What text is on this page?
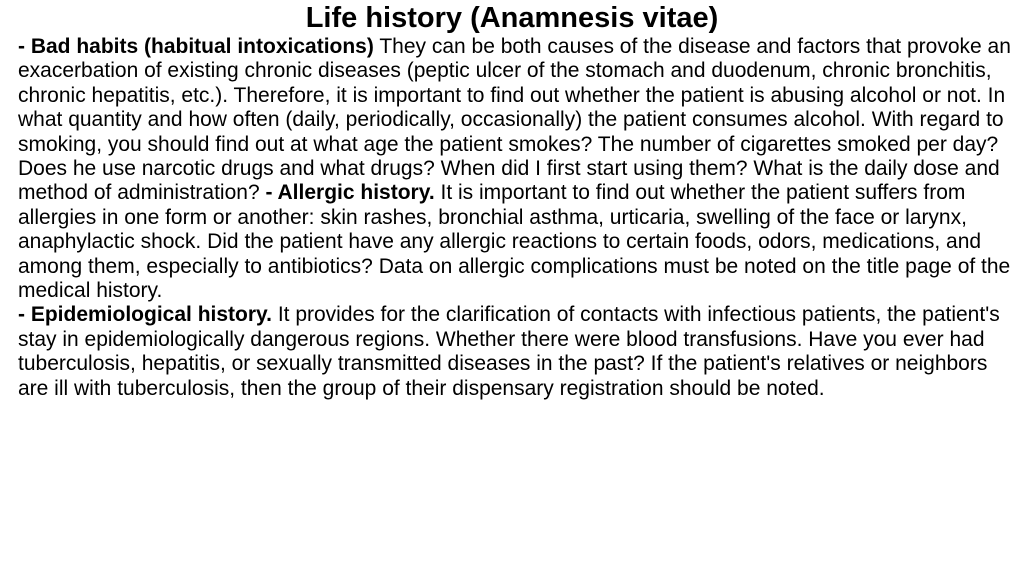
Life history (Anamnesis vitae)

- Bad habits (habitual intoxications) They can be both causes of the disease and factors that provoke an exacerbation of existing chronic diseases (peptic ulcer of the stomach and duodenum, chronic bronchitis, chronic hepatitis, etc.). Therefore, it is important to find out whether the patient is abusing alcohol or not. In what quantity and how often (daily, periodically, occasionally) the patient consumes alcohol. With regard to smoking, you should find out at what age the patient smokes? The number of cigarettes smoked per day? Does he use narcotic drugs and what drugs? When did I first start using them? What is the daily dose and method of administration? - Allergic history. It is important to find out whether the patient suffers from allergies in one form or another: skin rashes, bronchial asthma, urticaria, swelling of the face or larynx, anaphylactic shock. Did the patient have any allergic reactions to certain foods, odors, medications, and among them, especially to antibiotics? Data on allergic complications must be noted on the title page of the medical history.

- Epidemiological history. It provides for the clarification of contacts with infectious patients, the patient's stay in epidemiologically dangerous regions. Whether there were blood transfusions. Have you ever had tuberculosis, hepatitis, or sexually transmitted diseases in the past? If the patient's relatives or neighbors are ill with tuberculosis, then the group of their dispensary registration should be noted.
